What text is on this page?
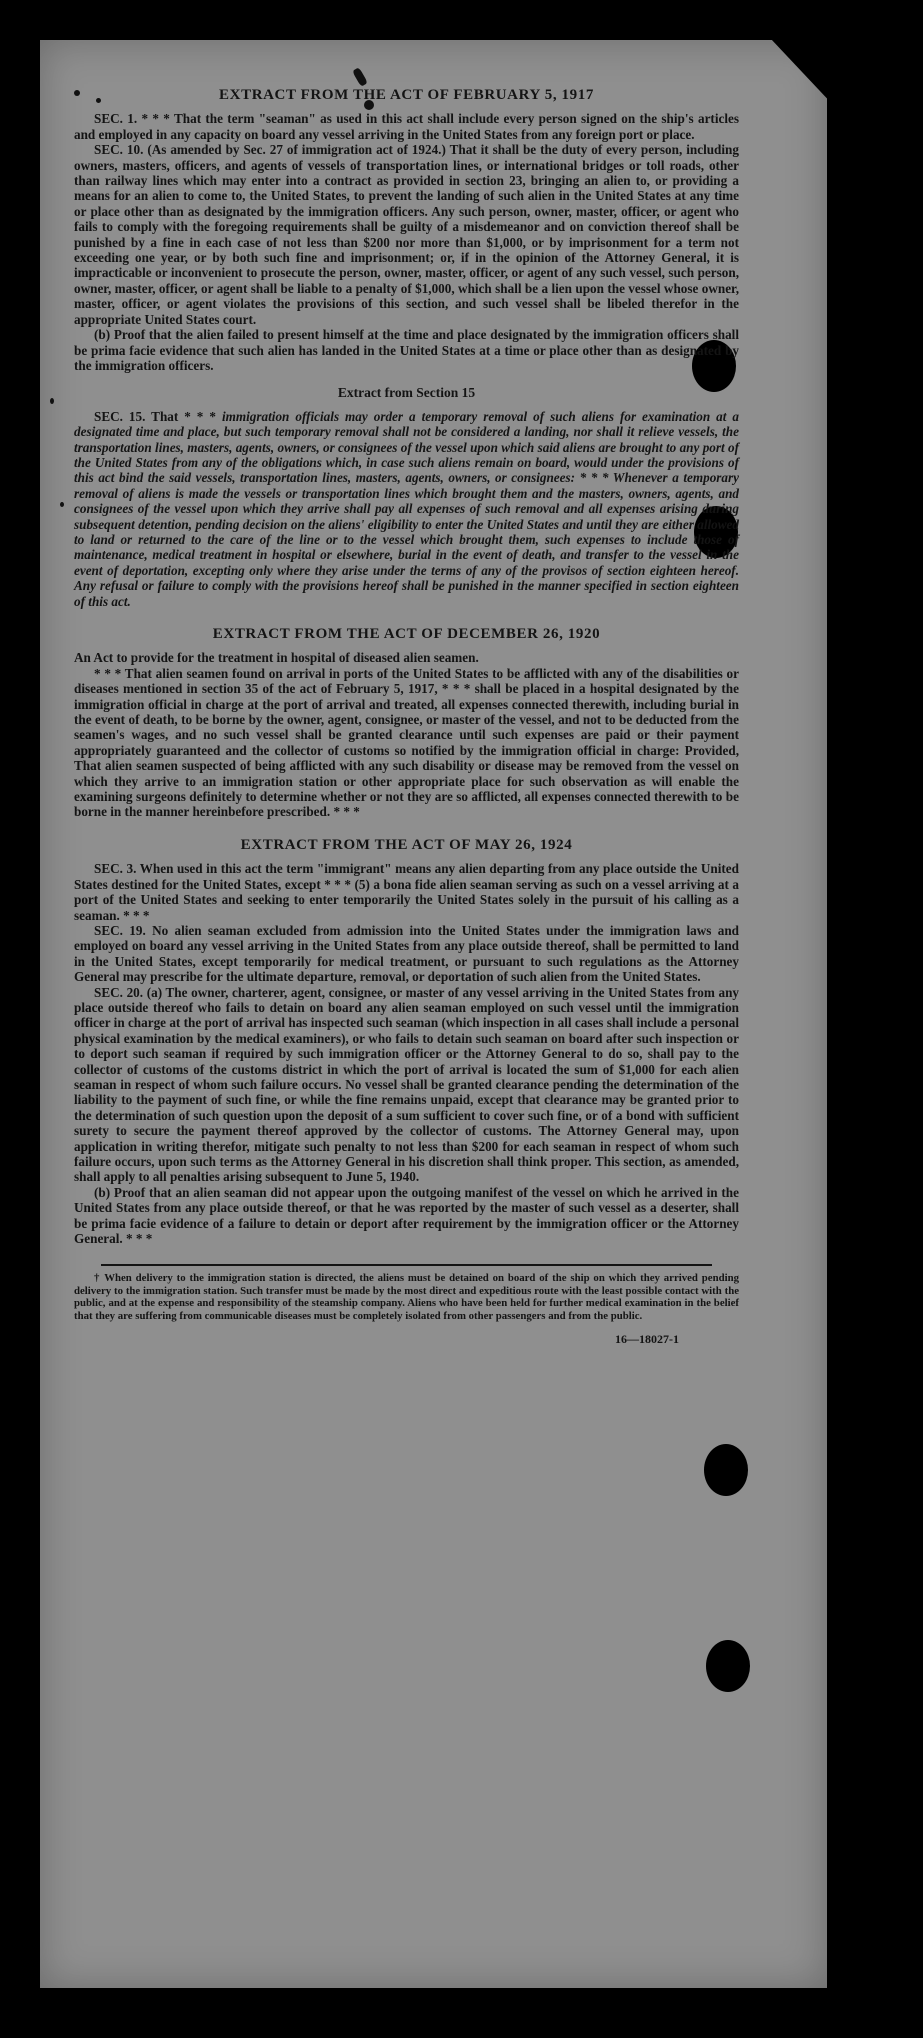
EXTRACT FROM THE ACT OF FEBRUARY 5, 1917

SEC. 1. * * * That the term "seaman" as used in this act shall include every person signed on the ship's articles and employed in any capacity on board any vessel arriving in the United States from any foreign port or place.

SEC. 10. (As amended by Sec. 27 of immigration act of 1924.) That it shall be the duty of every person, including owners, masters, officers, and agents of vessels of transportation lines, or international bridges or toll roads, other than railway lines which may enter into a contract as provided in section 23, bringing an alien to, or providing a means for an alien to come to, the United States, to prevent the landing of such alien in the United States at any time or place other than as designated by the immigration officers. Any such person, owner, master, officer, or agent who fails to comply with the foregoing requirements shall be guilty of a misdemeanor and on conviction thereof shall be punished by a fine in each case of not less than $200 nor more than $1,000, or by imprisonment for a term not exceeding one year, or by both such fine and imprisonment; or, if in the opinion of the Attorney General, it is impracticable or inconvenient to prosecute the person, owner, master, officer, or agent of any such vessel, such person, owner, master, officer, or agent shall be liable to a penalty of $1,000, which shall be a lien upon the vessel whose owner, master, officer, or agent violates the provisions of this section, and such vessel shall be libeled therefor in the appropriate United States court.

(b) Proof that the alien failed to present himself at the time and place designated by the immigration officers shall be prima facie evidence that such alien has landed in the United States at a time or place other than as designated by the immigration officers.

Extract from Section 15

SEC. 15. That * * * immigration officials may order a temporary removal of such aliens for examination at a designated time and place, but such temporary removal shall not be considered a landing, nor shall it relieve vessels, the transportation lines, masters, agents, owners, or consignees of the vessel upon which said aliens are brought to any port of the United States from any of the obligations which, in case such aliens remain on board, would under the provisions of this act bind the said vessels, transportation lines, masters, agents, owners, or consignees: * * * Whenever a temporary removal of aliens is made the vessels or transportation lines which brought them and the masters, owners, agents, and consignees of the vessel upon which they arrive shall pay all expenses of such removal and all expenses arising during subsequent detention, pending decision on the aliens' eligibility to enter the United States and until they are either allowed to land or returned to the care of the line or to the vessel which brought them, such expenses to include those of maintenance, medical treatment in hospital or elsewhere, burial in the event of death, and transfer to the vessel in the event of deportation, excepting only where they arise under the terms of any of the provisos of section eighteen hereof. Any refusal or failure to comply with the provisions hereof shall be punished in the manner specified in section eighteen of this act.

EXTRACT FROM THE ACT OF DECEMBER 26, 1920

An Act to provide for the treatment in hospital of diseased alien seamen.

* * * That alien seamen found on arrival in ports of the United States to be afflicted with any of the disabilities or diseases mentioned in section 35 of the act of February 5, 1917, * * * shall be placed in a hospital designated by the immigration official in charge at the port of arrival and treated, all expenses connected therewith, including burial in the event of death, to be borne by the owner, agent, consignee, or master of the vessel, and not to be deducted from the seamen's wages, and no such vessel shall be granted clearance until such expenses are paid or their payment appropriately guaranteed and the collector of customs so notified by the immigration official in charge: Provided, That alien seamen suspected of being afflicted with any such disability or disease may be removed from the vessel on which they arrive to an immigration station or other appropriate place for such observation as will enable the examining surgeons definitely to determine whether or not they are so afflicted, all expenses connected therewith to be borne in the manner hereinbefore prescribed. * * *

EXTRACT FROM THE ACT OF MAY 26, 1924

SEC. 3. When used in this act the term "immigrant" means any alien departing from any place outside the United States destined for the United States, except * * * (5) a bona fide alien seaman serving as such on a vessel arriving at a port of the United States and seeking to enter temporarily the United States solely in the pursuit of his calling as a seaman. * * *

SEC. 19. No alien seaman excluded from admission into the United States under the immigration laws and employed on board any vessel arriving in the United States from any place outside thereof, shall be permitted to land in the United States, except temporarily for medical treatment, or pursuant to such regulations as the Attorney General may prescribe for the ultimate departure, removal, or deportation of such alien from the United States.

SEC. 20. (a) The owner, charterer, agent, consignee, or master of any vessel arriving in the United States from any place outside thereof who fails to detain on board any alien seaman employed on such vessel until the immigration officer in charge at the port of arrival has inspected such seaman (which inspection in all cases shall include a personal physical examination by the medical examiners), or who fails to detain such seaman on board after such inspection or to deport such seaman if required by such immigration officer or the Attorney General to do so, shall pay to the collector of customs of the customs district in which the port of arrival is located the sum of $1,000 for each alien seaman in respect of whom such failure occurs. No vessel shall be granted clearance pending the determination of the liability to the payment of such fine, or while the fine remains unpaid, except that clearance may be granted prior to the determination of such question upon the deposit of a sum sufficient to cover such fine, or of a bond with sufficient surety to secure the payment thereof approved by the collector of customs. The Attorney General may, upon application in writing therefor, mitigate such penalty to not less than $200 for each seaman in respect of whom such failure occurs, upon such terms as the Attorney General in his discretion shall think proper. This section, as amended, shall apply to all penalties arising subsequent to June 5, 1940.

(b) Proof that an alien seaman did not appear upon the outgoing manifest of the vessel on which he arrived in the United States from any place outside thereof, or that he was reported by the master of such vessel as a deserter, shall be prima facie evidence of a failure to detain or deport after requirement by the immigration officer or the Attorney General. * * *

† When delivery to the immigration station is directed, the aliens must be detained on board of the ship on which they arrived pending delivery to the immigration station. Such transfer must be made by the most direct and expeditious route with the least possible contact with the public, and at the expense and responsibility of the steamship company. Aliens who have been held for further medical examination in the belief that they are suffering from communicable diseases must be completely isolated from other passengers and from the public.

16—18027-1
